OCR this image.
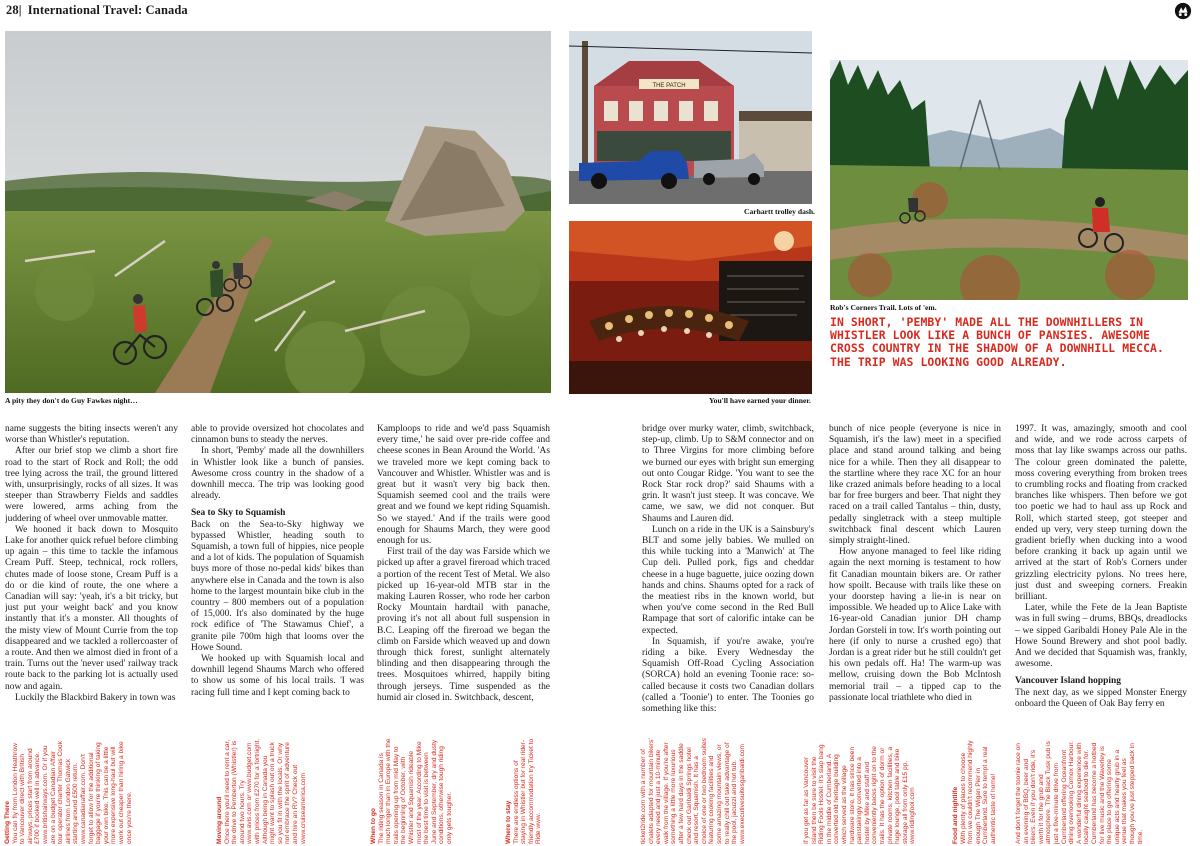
28| International Travel: Canada
A pity they don't do Guy Fawkes night…
THE PATCH
Carhartt trolley dash.
You'll have earned your dinner.
Rob's Corners Trail. Lots of 'em.
IN SHORT, 'PEMBY' MADE ALL THE DOWNHILLERS IN
WHISTLER LOOK LIKE A BUNCH OF PANSIES. AWESOME
CROSS COUNTRY IN THE SHADOW OF A DOWNHILL MECCA.
THE TRIP WAS LOOKING GOOD ALREADY.

name suggests the biting insects weren't any worse than Whistler's reputation.

After our brief stop we climb a short fire road to the start of Rock and Roll; the odd tree lying across the trail, the ground littered with, unsurprisingly, rocks of all sizes. It was steeper than Strawberry Fields and saddles were lowered, arms aching from the juddering of wheel over unmovable matter.

We hooned it back down to Mosquito Lake for another quick refuel before climbing up again – this time to tackle the infamous Cream Puff. Steep, technical, rock rollers, chutes made of loose stone, Cream Puff is a do or die kind of route, the one where a Canadian will say: 'yeah, it's a bit tricky, but just put your weight back' and you know instantly that it's a monster. All thoughts of the misty view of Mount Currie from the top disappeared and we tackled a rollercoaster of a route. And then we almost died in front of a train. Turns out the 'never used' railway track route back to the parking lot is actually used now and again.

Luckily the Blackbird Bakery in town was

able to provide oversized hot chocolates and cinnamon buns to steady the nerves.

In short, 'Pemby' made all the downhillers in Whistler look like a bunch of pansies. Awesome cross country in the shadow of a downhill mecca. The trip was looking good already.

Sea to Sky to Squamish

Back on the Sea-to-Sky highway we bypassed Whistler, heading south to Squamish, a town full of hippies, nice people and a lot of kids. The population of Squamish buys more of those no-pedal kids' bikes than anywhere else in Canada and the town is also home to the largest mountain bike club in the country – 800 members out of a population of 15,000. It's also dominated by the huge rock edifice of 'The Stawamus Chief', a granite pile 700m high that looms over the Howe Sound.

We hooked up with Squamish local and downhill legend Shaums March who offered to show us some of his local trails. 'I was racing full time and I kept coming back to

Kamploops to ride and we'd pass Squamish every time,' he said over pre-ride coffee and cheese scones in Bean Around the World. 'As we traveled more we kept coming back to Vancouver and Whistler. Whistler was and is great but it wasn't very big back then. Squamish seemed cool and the trails were great and we found we kept riding Squamish. So we stayed.' And if the trails were good enough for Shaums March, they were good enough for us.

First trail of the day was Farside which we picked up after a gravel fireroad which traced a portion of the recent Test of Metal. We also picked up 16-year-old MTB star in the making Lauren Rosser, who rode her carbon Rocky Mountain hardtail with panache, proving it's not all about full suspension in B.C. Leaping off the fireroad we began the climb on Farside which weaved up and down through thick forest, sunlight alternately blinding and then disappearing through the trees. Mosquitoes whirred, happily biting through jerseys. Time suspended as the humid air closed in. Switchback, descent,

bridge over murky water, climb, switchback, step-up, climb. Up to S&M connector and on to Three Virgins for more climbing before we burned our eyes with bright sun emerging out onto Cougar Ridge. 'You want to see the Rock Star rock drop?' said Shaums with a grin. It wasn't just steep. It was concave. We came, we saw, we did not conquer. But Shaums and Lauren did.

Lunch on a ride in the UK is a Sainsbury's BLT and some jelly babies. We mulled on this while tucking into a 'Manwich' at The Cup deli. Pulled pork, figs and cheddar cheese in a huge baguette, juice oozing down hands and chins. Shaums opted for a rack of the meatiest ribs in the known world, but when you've come second in the Red Bull Rampage that sort of calorific intake can be expected.

In Squamish, if you're awake, you're riding a bike. Every Wednesday the Squamish Off-Road Cycling Association (SORCA) hold an evening Toonie race: so-called because it costs two Canadian dollars (called a 'Toonie') to enter. The Toonies go something like this:

bunch of nice people (everyone is nice in Squamish, it's the law) meet in a specified place and stand around talking and being nice for a while. Then they all disappear to the startline where they race XC for an hour like crazed animals before heading to a local bar for free burgers and beer. That night they raced on a trail called Tantalus – thin, dusty, pedally singletrack with a steep multiple switchback final descent which Lauren simply straight-lined.

How anyone managed to feel like riding again the next morning is testament to how fit Canadian mountain bikers are. Or rather how spoilt. Because with trails like these on your doorstep having a lie-in is near on impossible. We headed up to Alice Lake with 16-year-old Canadian junior DH champ Jordan Gorsteli in tow. It's worth pointing out here (if only to nurse a crushed ego) that Jordan is a great rider but he still couldn't get his own pedals off. Ha! The warm-up was mellow, cruising down the Bob McIntosh memorial trail – a tipped cap to the passionate local triathlete who died in

1997. It was, amazingly, smooth and cool and wide, and we rode across carpets of moss that lay like swamps across our paths. The colour green dominated the palette, moss covering everything from broken trees to crumbling rocks and floating from cracked branches like whispers. Then before we got too poetic we had to haul ass up Rock and Roll, which started steep, got steeper and ended up very, very steep turning down the gradient briefly when ducking into a wood before cranking it back up again until we arrived at the start of Rob's Corners under grizzling electricity pylons. No trees here, just dust and sweeping corners. Freakin brilliant.

Later, while the Fete de la Jean Baptiste was in full swing – drums, BBQs, dreadlocks – we sipped Garibaldi Honey Pale Ale in the Howe Sound Brewery and shot pool badly. And we decided that Squamish was, frankly, awesome.

Vancouver Island hopping

The next day, as we sipped Monster Energy onboard the Queen of Oak Bay ferry en

Getting There You can fly from London Heathrow to Vancouver direct with British airways, prices start from around £700 if booked well in advance. www.britishairways.com. Or if you are on a budget Canadian Affair tour operator charter Thomas Cook airlines from London Gatwick starting around £500 return. www.canadianaffair.com. Don't forget to allow for the additional baggage if you're thinking of taking your own bike. This can be a little more expensive long-haul but will work out cheaper than hiring a bike once you're there.	Moving around Once there you'll need to rent a car, the drive to Pemberton (Whistler) is around two hours. Try www.avis.com or www.budget.com with prices from £270 for a fortnight. Although being in Canada you might want to splash out on a truck so you fit in with the locals. Or why not embrace the spirit of adventure and hire an RV? Check out www.cruiseamerica.com	When to go The riding season in Canada is much longer than in Europe with the trails opening up from mid May to the beginning of October, with Whistler and Squamish rideable most of the year. According to Mike the best time to visit is between June and September, dry and dusty conditions, otherwise tough riding only gets tougher.	Where to stay There are endless options of staying in Whistler but for real rider-friendly accommodation try Ticket to Ride www.	ticket2ride.com with a number of chalets adapted for mountain bikers' every need and just a 10-minute walk from the village. If you're after something a little more luxurious after a few hard days in the saddle check out Garibaldi Springs hotel and resort, Squamish. It has a choice of one or two bedroom suites featuring cooking facilities and some amazing mountain views, or to really chill out take advantage of the pool, jacuzzi and hot tub. www.executivesuitesgaribaldi.com	If you get as far as Vancouver Island then be sure to visit the Riding Fools Hostel. It's slap bang in the middle of Cumberland. A converted old heritage building which served as the village hardware store, it has since been painstakingly converted into a hostel by Mike and staff and conveniently backs right on to the trails. It has the option of dorm or private rooms, kitchen facilities, a huge lounge, pool table and bike storage all from only £15 pp. www.ridingfool.com	Food and nightlife With plenty of places to choose from we couldn't recommend highly enough The Wigan Pier in Cumberland. Sure to tempt a real authentic taste of home!	And don't forget the toonie race on an evening of BBQ, beer and bikers. Even if you don't ride, it's worth it for the grub and atmosphere. The Black Tusk pub is just a five-minute drive from Cumberland offering Oceanfront dining overlooking Comox Harbour. A wonderful dining experience with locally caught seafood to die for. Cumberland has become a hotbed for live music and the Waverley is the place to go offering some unique acts and hearty grub in a venue that makes you feel as though you've just stepped back in time.
